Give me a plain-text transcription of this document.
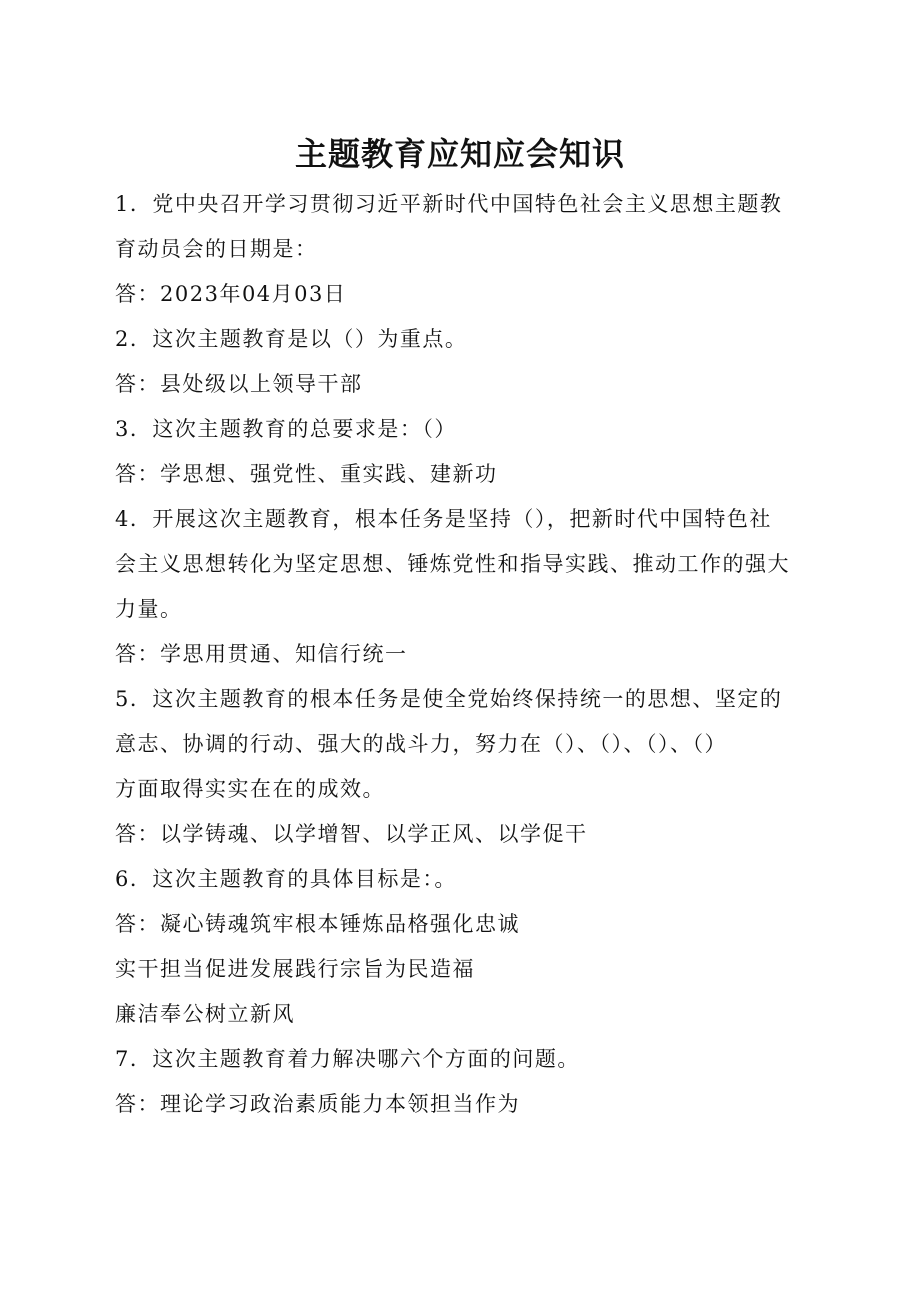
主题教育应知应会知识

1．党中央召开学习贯彻习近平新时代中国特色社会主义思想主题教

育动员会的日期是：

答：2023年04月03日

2．这次主题教育是以（）为重点。

答：县处级以上领导干部

3．这次主题教育的总要求是：（）

答：学思想、强党性、重实践、建新功

4．开展这次主题教育，根本任务是坚持（），把新时代中国特色社

会主义思想转化为坚定思想、锤炼党性和指导实践、推动工作的强大

力量。

答：学思用贯通、知信行统一

5．这次主题教育的根本任务是使全党始终保持统一的思想、坚定的

意志、协调的行动、强大的战斗力，努力在（）、（）、（）、（）

方面取得实实在在的成效。

答：以学铸魂、以学增智、以学正风、以学促干

6．这次主题教育的具体目标是：。

答：凝心铸魂筑牢根本锤炼品格强化忠诚

实干担当促进发展践行宗旨为民造福

廉洁奉公树立新风

7．这次主题教育着力解决哪六个方面的问题。

答：理论学习政治素质能力本领担当作为
